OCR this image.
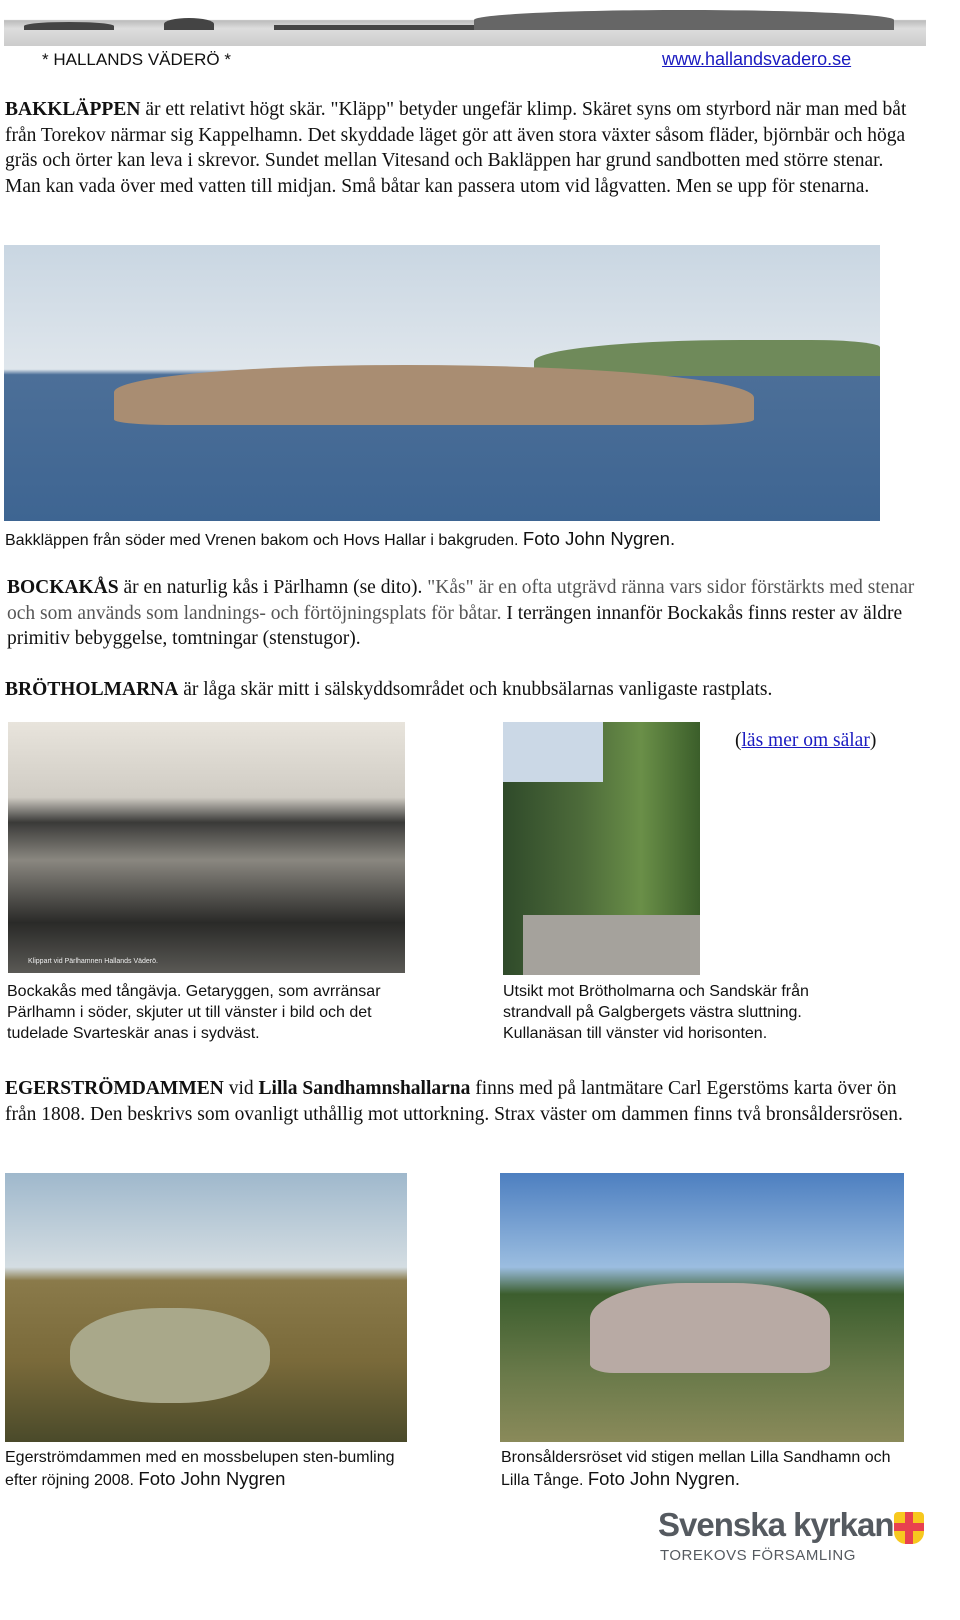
* HALLANDS VÄDERÖ *	www.hallandsvadero.se
BAKKLÄPPEN är ett relativt högt skär. "Kläpp" betyder ungefär klimp. Skäret syns om styrbord när man med båt från Torekov närmar sig Kappelhamn. Det skyddade läget gör att även stora växter såsom fläder, björnbär och höga gräs och örter kan leva i skrevor. Sundet mellan Vitesand och Bakläppen har grund sandbotten med större stenar. Man kan vada över med vatten till midjan. Små båtar kan passera utom vid lågvatten. Men se upp för stenarna.
Bakkläppen från söder med Vrenen bakom och Hovs Hallar i bakgruden. Foto John Nygren.
BOCKAKÅS är en naturlig kås i Pärlhamn (se dito). "Kås" är en ofta utgrävd ränna vars sidor förstärkts med stenar och som används som landnings- och förtöjningsplats för båtar. I terrängen innanför Bockakås finns rester av äldre primitiv bebyggelse, tomtningar (stenstugor).
BRÖTHOLMARNA är låga skär mitt i sälskyddsområdet och knubbsälarnas vanligaste rastplats.
Klippart vid Pärlhamnen Hallands Väderö.
(läs mer om sälar)
Bockakås med tångävja. Getaryggen, som avrränsar Pärlhamn i söder, skjuter ut till vänster i bild och det tudelade Svarteskär anas i sydväst.
Utsikt mot Brötholmarna och Sandskär från strandvall på Galgbergets västra sluttning. Kullanäsan till vänster vid horisonten.
EGERSTRÖMDAMMEN vid Lilla Sandhamnshallarna finns med på lantmätare Carl Egerstöms karta över ön från 1808. Den beskrivs som ovanligt uthållig mot uttorkning. Strax väster om dammen finns två bronsåldersrösen.
Egerströmdammen med en mossbelupen sten-bumling efter röjning 2008. Foto John Nygren
Bronsåldersröset vid stigen mellan Lilla Sandhamn och Lilla Tånge. Foto John Nygren.
Svenska kyrkan
TOREKOVS FÖRSAMLING
